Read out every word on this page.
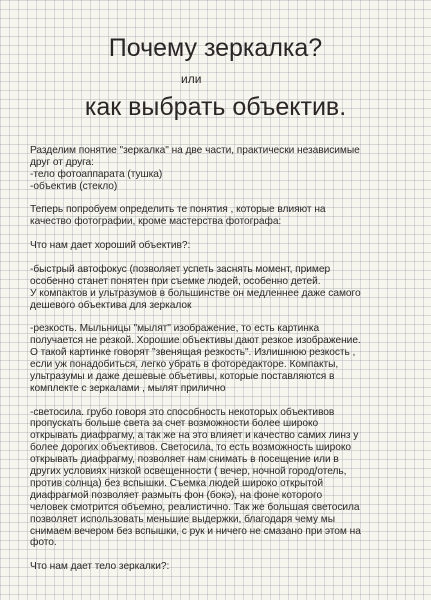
Почему зеркалка?
или
как выбрать объектив.
Разделим понятие "зеркалка" на две части, практически независимые
друг от друга:
-тело фотоаппарата (тушка)
-объектив (стекло)
Теперь попробуем определить те понятия , которые влияют на
качество фотографии, кроме мастерства фотографа:
Что нам дает хороший объектив?:
-быстрый автофокус (позволяет успеть заснять момент, пример
особенно станет понятен при съемке людей, особенно детей.
У компактов и ультразумов в большинстве он медленнее даже самого
дешевого объектива для зеркалок
-резкость. Мыльницы "мылят" изображение, то есть картинка
получается не резкой. Хорошие объективы дают резкое изображение.
О такой картинке говорят "звенящая резкость". Излишнюю резкость ,
если уж понадобиться, легко убрать в фоторедакторе. Компакты,
ультразумы и даже дешевые объетивы, которые поставляются в
комплекте с зеркалами , мылят прилично
-светосила. грубо говоря это способность некоторых объективов
пропускать больше света за счет возможности более широко
открывать диафрагму, а так же на это влияет и качество самих линз у
более дорогих объективов. Светосила, то есть возможность широко
открывать диафрагму, позволяет нам снимать в посещение или в
других условиях низкой освещенности ( вечер, ночной город/отель,
против солнца) без вспышки. Съемка людей широко открытой
диафрагмой позволяет размыть фон (бокэ), на фоне которого
человек смотрится объемно, реалистично. Так же большая светосила
позволяет использовать меньшие выдержки, благодаря чему мы
снимаем вечером без вспышки, с рук и ничего не смазано при этом на
фото.
Что нам дает тело зеркалки?:
